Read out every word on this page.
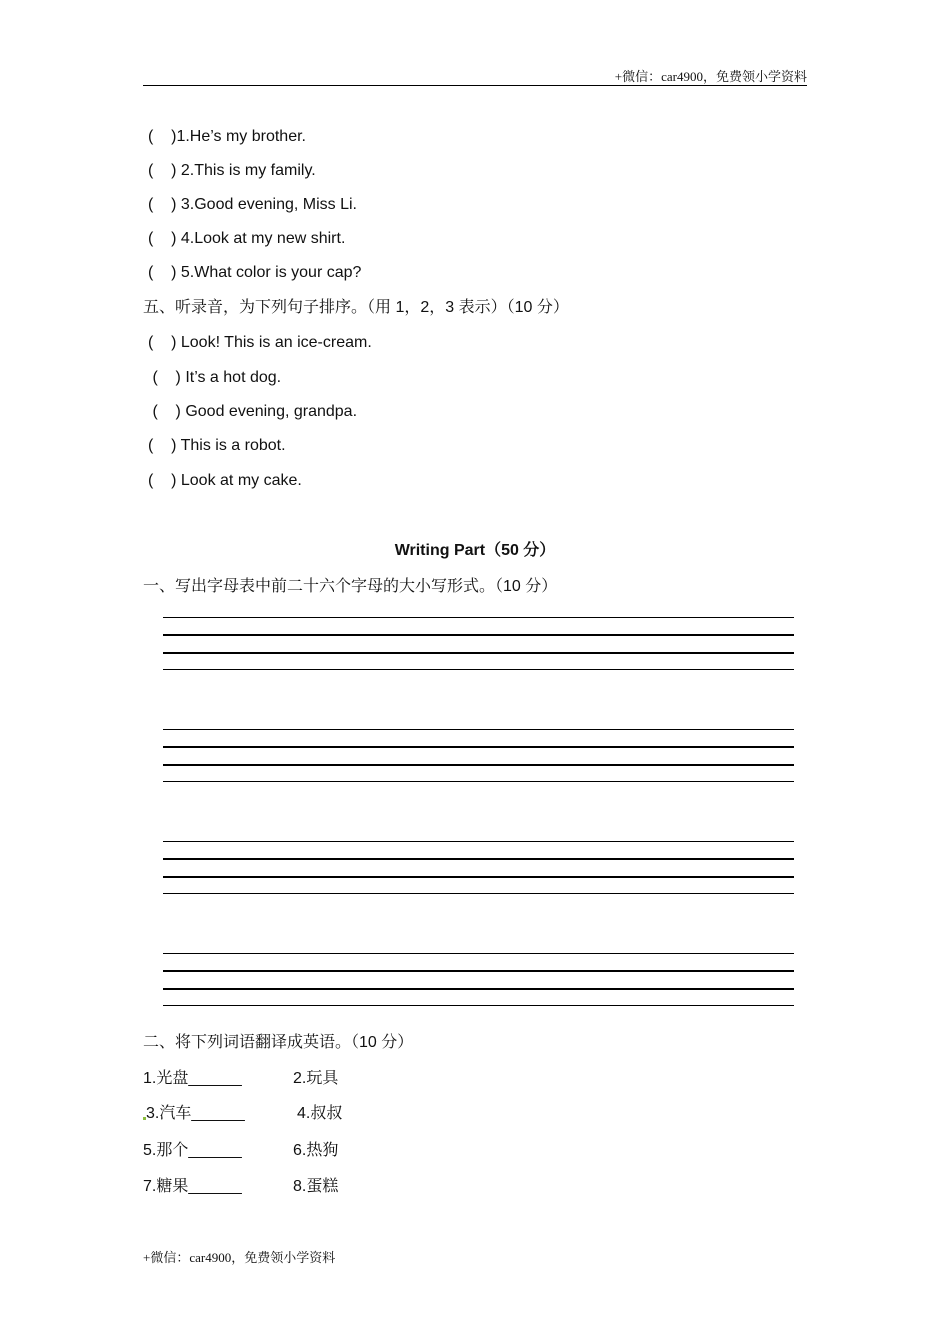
+微信：car4900，免费领小学资料
(    )1.He’s my brother.
(    ) 2.This is my family.
(    ) 3.Good evening, Miss Li.
(    ) 4.Look at my new shirt.
(    ) 5.What color is your cap?
五、听录音，为下列句子排序。（用 1，2，3 表示）（10 分）
(    ) Look! This is an ice-cream.
(    ) It’s a hot dog.
(    ) Good evening, grandpa.
(    ) This is a robot.
(    ) Look at my cake.
Writing Part（50 分）
一、写出字母表中前二十六个字母的大小写形式。（10 分）
二、将下列词语翻译成英语。（10 分）
1.光盘______	2.玩具
3.汽车______	4.叔叔
5.那个______	6.热狗
7.糖果______	8.蛋糕
+微信：car4900，免费领小学资料
